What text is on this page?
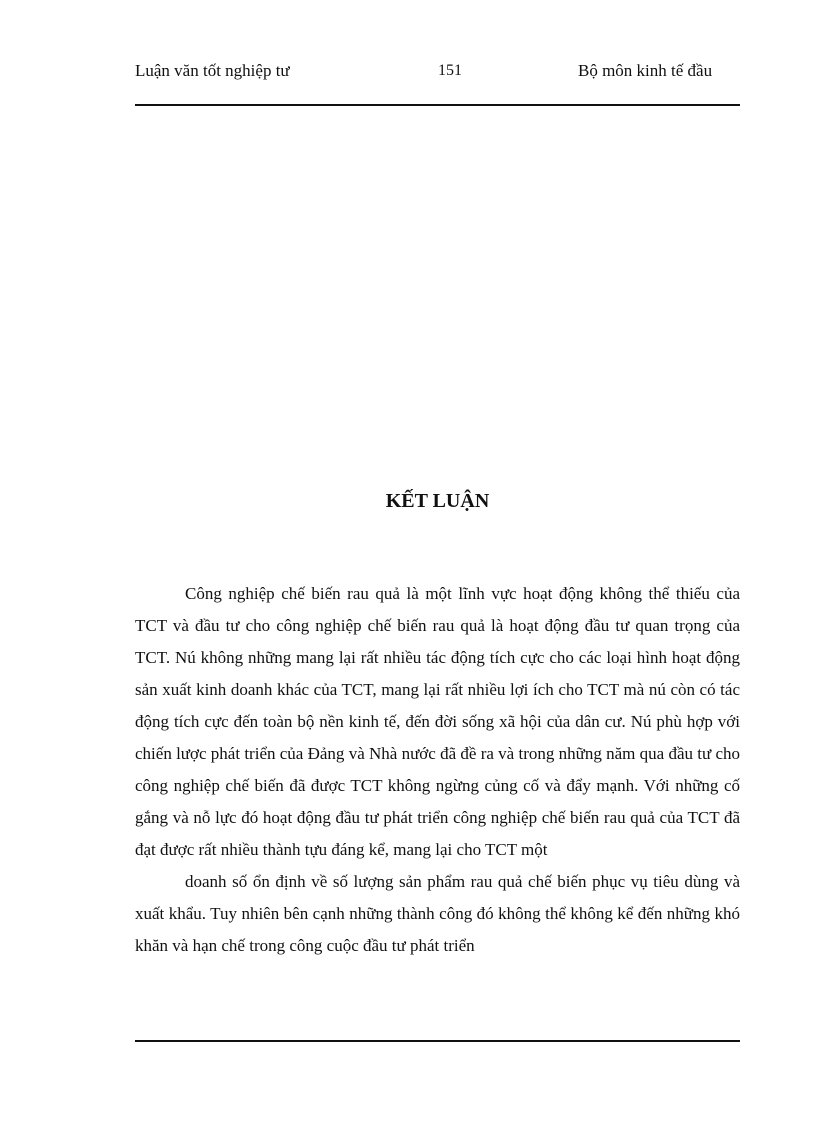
Luận văn tốt nghiệp tư	151	Bộ môn kinh tế đầu
KẾT LUẬN

Công nghiệp chế biến rau quả là một lĩnh vực hoạt động không thể thiếu của TCT và đầu tư cho công nghiệp chế biến rau quả là hoạt động đầu tư quan trọng của TCT. Nú không những mang lại rất nhiều tác động tích cực cho các loại hình hoạt động sản xuất kinh doanh khác của TCT, mang lại rất nhiều lợi ích cho TCT mà nú còn có tác động tích cực đến toàn bộ nền kinh tế, đến đời sống xã hội của dân cư. Nú phù hợp với chiến lược phát triển của Đảng và Nhà nước đã đề ra và trong những năm qua đầu tư cho công nghiệp chế biến đã được TCT không ngừng củng cố và đẩy mạnh. Với những cố gắng và nỗ lực đó hoạt động đầu tư phát triển công nghiệp chế biến rau quả của TCT đã đạt được rất nhiều thành tựu đáng kể, mang lại cho TCT một

doanh số ổn định về số lượng sản phẩm rau quả chế biến phục vụ tiêu dùng và xuất khẩu. Tuy nhiên bên cạnh những thành công đó không thể không kể đến những khó khăn và hạn chế trong công cuộc đầu tư phát triển
